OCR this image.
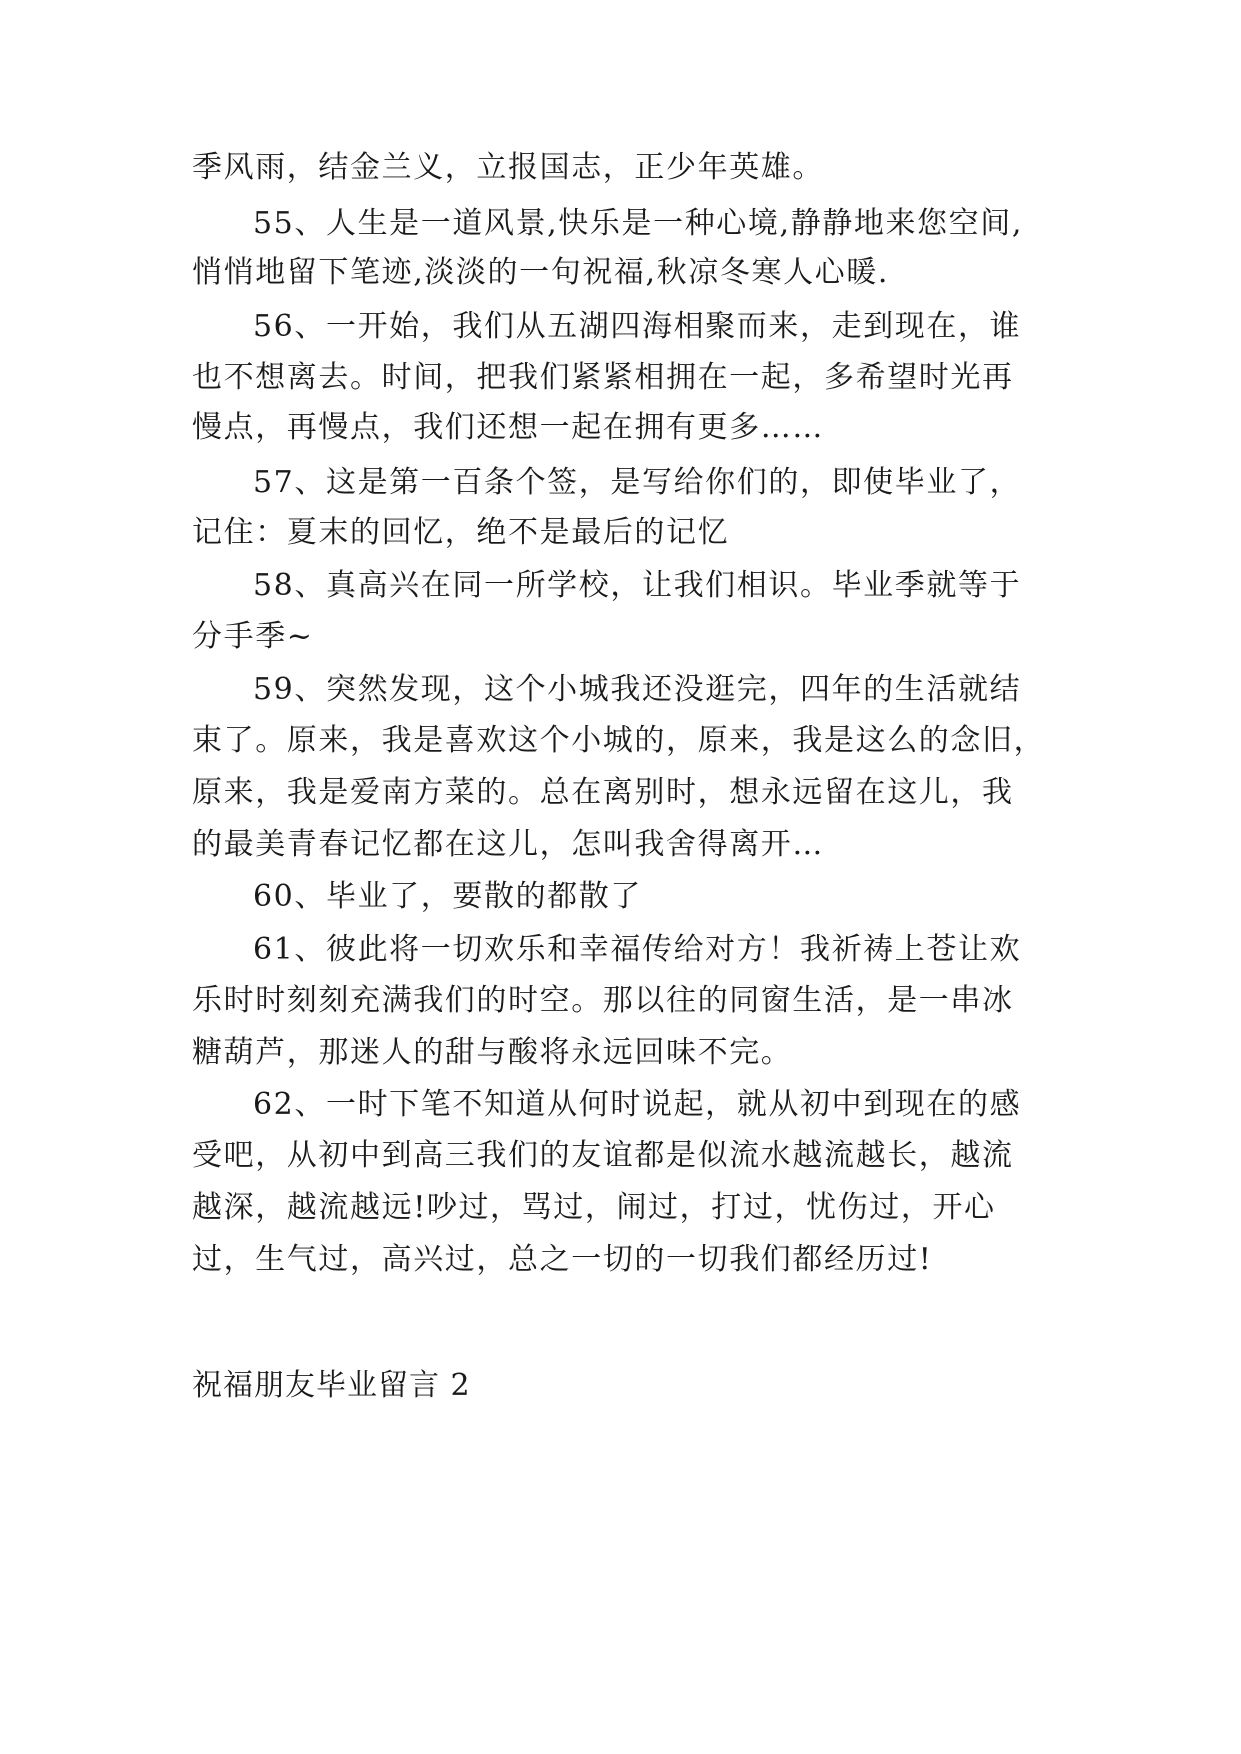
季风雨，结金兰义，立报国志，正少年英雄。
55、人生是一道风景,快乐是一种心境,静静地来您空间,
悄悄地留下笔迹,淡淡的一句祝福,秋凉冬寒人心暖.
56、一开始，我们从五湖四海相聚而来，走到现在，谁
也不想离去。时间，把我们紧紧相拥在一起，多希望时光再
慢点，再慢点，我们还想一起在拥有更多……
57、这是第一百条个签，是写给你们的，即使毕业了，
记住：夏末的回忆，绝不是最后的记忆
58、真高兴在同一所学校，让我们相识。毕业季就等于
分手季~
59、突然发现，这个小城我还没逛完，四年的生活就结
束了。原来，我是喜欢这个小城的，原来，我是这么的念旧，
原来，我是爱南方菜的。总在离别时，想永远留在这儿，我
的最美青春记忆都在这儿，怎叫我舍得离开…
60、毕业了，要散的都散了
61、彼此将一切欢乐和幸福传给对方！我祈祷上苍让欢
乐时时刻刻充满我们的时空。那以往的同窗生活，是一串冰
糖葫芦，那迷人的甜与酸将永远回味不完。
62、一时下笔不知道从何时说起，就从初中到现在的感
受吧，从初中到高三我们的友谊都是似流水越流越长，越流
越深，越流越远!吵过，骂过，闹过，打过，忧伤过，开心
过，生气过，高兴过，总之一切的一切我们都经历过!
祝福朋友毕业留言 2
